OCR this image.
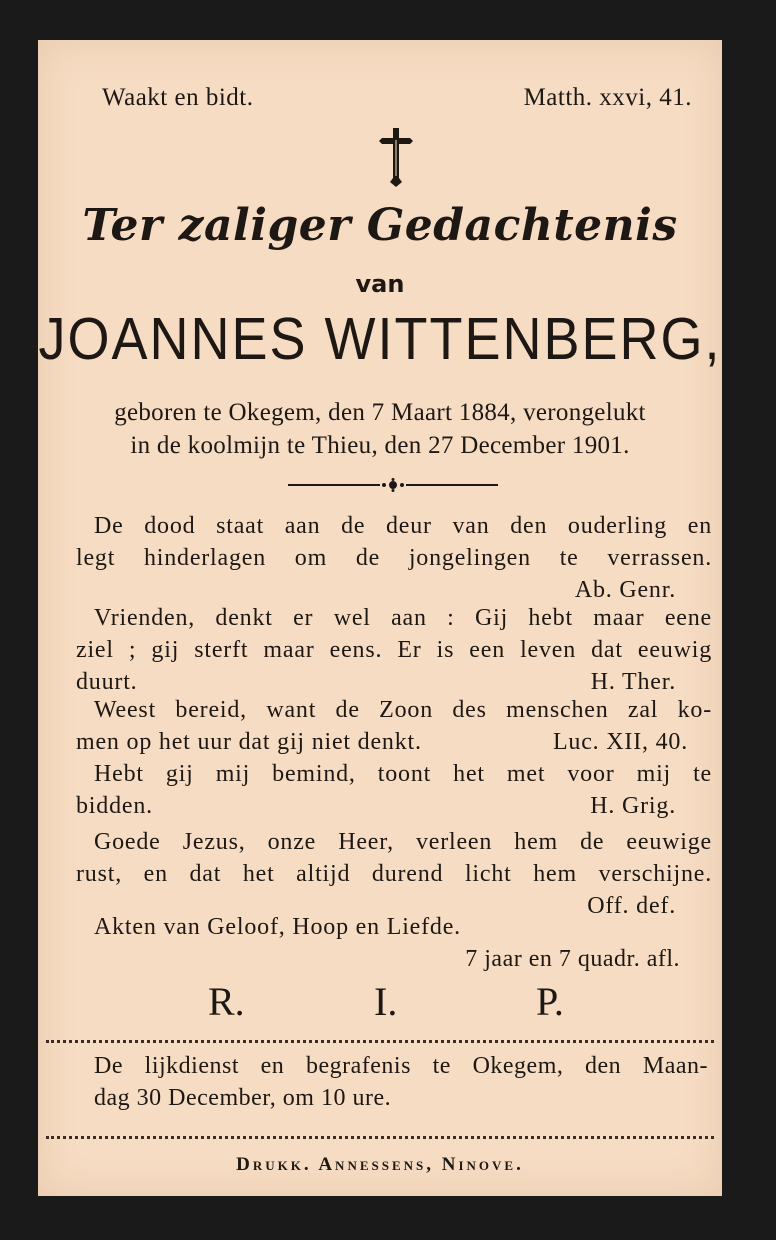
Waakt en bidt.	Matth. xxvi, 41.
Ter zaliger Gedachtenis
van
JOANNES WITTENBERG,
geboren te Okegem, den 7 Maart 1884, verongelukt
in de koolmijn te Thieu, den 27 December 1901.
De dood staat aan de deur van den ouderling en
legt hinderlagen om de jongelingen te verrassen.
Ab. Genr.
Vrienden, denkt er wel aan : Gij hebt maar eene
ziel ; gij sterft maar eens. Er is een leven dat eeuwig
duurt.	H. Ther.
Weest bereid, want de Zoon des menschen zal ko-
men op het uur dat gij niet denkt.	Luc. XII, 40.
Hebt gij mij bemind, toont het met voor mij te
bidden.	H. Grig.
Goede Jezus, onze Heer, verleen hem de eeuwige
rust, en dat het altijd durend licht hem verschijne.
Off. def.
Akten van Geloof, Hoop en Liefde.
7 jaar en 7 quadr. afl.
R.	I.	P.
De lijkdienst en begrafenis te Okegem, den Maan-
dag 30 December, om 10 ure.
Drukk. Annessens, Ninove.
